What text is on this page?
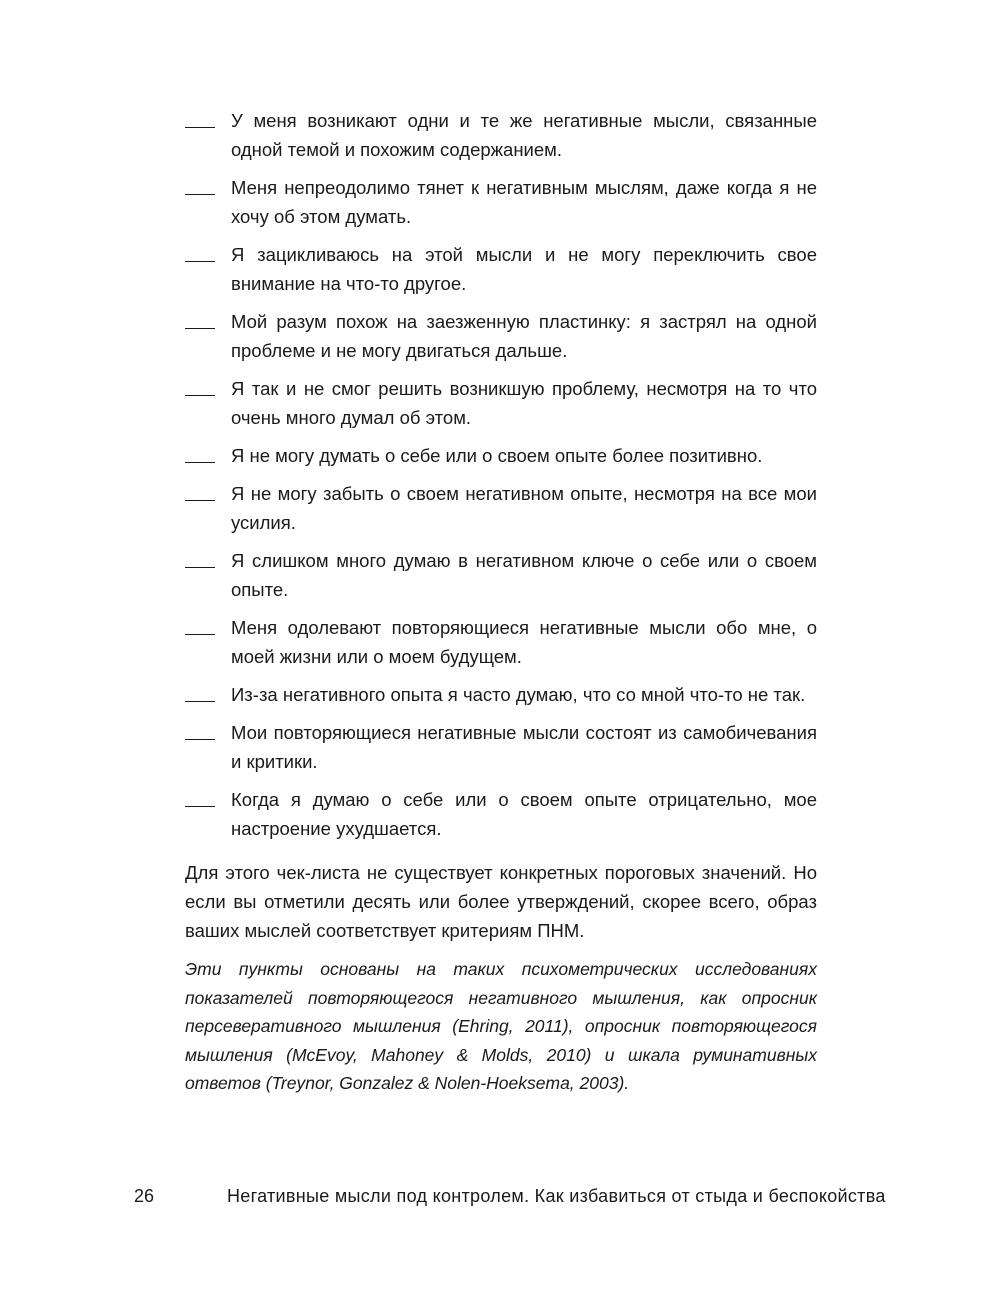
У меня возникают одни и те же негативные мысли, связанные одной темой и похожим содержанием.
Меня непреодолимо тянет к негативным мыслям, даже когда я не хочу об этом думать.
Я зацикливаюсь на этой мысли и не могу переключить свое внимание на что-то другое.
Мой разум похож на заезженную пластинку: я застрял на одной проблеме и не могу двигаться дальше.
Я так и не смог решить возникшую проблему, несмотря на то что очень много думал об этом.
Я не могу думать о себе или о своем опыте более позитивно.
Я не могу забыть о своем негативном опыте, несмотря на все мои усилия.
Я слишком много думаю в негативном ключе о себе или о своем опыте.
Меня одолевают повторяющиеся негативные мысли обо мне, о моей жизни или о моем будущем.
Из-за негативного опыта я часто думаю, что со мной что-то не так.
Мои повторяющиеся негативные мысли состоят из самобичевания и критики.
Когда я думаю о себе или о своем опыте отрицательно, мое настроение ухудшается.

Для этого чек-листа не существует конкретных пороговых значений. Но если вы отметили десять или более утверждений, скорее всего, образ ваших мыслей соответствует критериям ПНМ.

Эти пункты основаны на таких психометрических исследованиях показателей повторяющегося негативного мышления, как опросник персеверативного мышления (Ehring, 2011), опросник повторяющегося мышления (McEvoy, Mahoney & Molds, 2010) и шкала руминативных ответов (Treynor, Gonzalez & Nolen-Hoeksema, 2003).

26	Негативные мысли под контролем. Как избавиться от стыда и беспокойства
